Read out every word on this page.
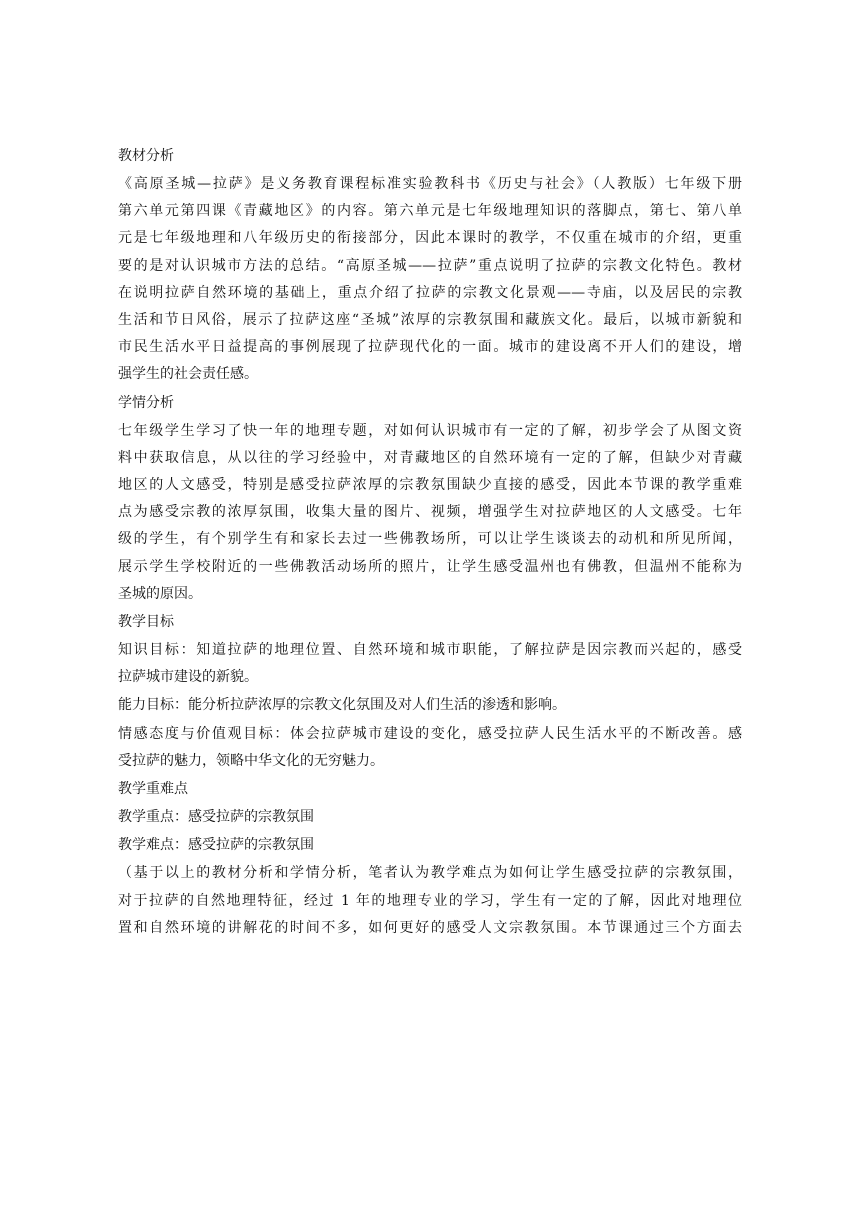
教材分析
《高原圣城—拉萨》是义务教育课程标准实验教科书《历史与社会》（人教版）七年级下册
第六单元第四课《青藏地区》的内容。第六单元是七年级地理知识的落脚点，第七、第八单
元是七年级地理和八年级历史的衔接部分，因此本课时的教学，不仅重在城市的介绍，更重
要的是对认识城市方法的总结。“高原圣城——拉萨”重点说明了拉萨的宗教文化特色。教材
在说明拉萨自然环境的基础上，重点介绍了拉萨的宗教文化景观——寺庙，以及居民的宗教
生活和节日风俗，展示了拉萨这座“圣城”浓厚的宗教氛围和藏族文化。最后，以城市新貌和
市民生活水平日益提高的事例展现了拉萨现代化的一面。城市的建设离不开人们的建设，增
强学生的社会责任感。
学情分析
七年级学生学习了快一年的地理专题，对如何认识城市有一定的了解，初步学会了从图文资
料中获取信息，从以往的学习经验中，对青藏地区的自然环境有一定的了解，但缺少对青藏
地区的人文感受，特别是感受拉萨浓厚的宗教氛围缺少直接的感受，因此本节课的教学重难
点为感受宗教的浓厚氛围，收集大量的图片、视频，增强学生对拉萨地区的人文感受。七年
级的学生，有个别学生有和家长去过一些佛教场所，可以让学生谈谈去的动机和所见所闻，
展示学生学校附近的一些佛教活动场所的照片，让学生感受温州也有佛教，但温州不能称为
圣城的原因。
教学目标
知识目标：知道拉萨的地理位置、自然环境和城市职能，了解拉萨是因宗教而兴起的，感受
拉萨城市建设的新貌。
能力目标：能分析拉萨浓厚的宗教文化氛围及对人们生活的渗透和影响。
情感态度与价值观目标：体会拉萨城市建设的变化，感受拉萨人民生活水平的不断改善。感
受拉萨的魅力，领略中华文化的无穷魅力。
教学重难点
教学重点：感受拉萨的宗教氛围
教学难点：感受拉萨的宗教氛围
（基于以上的教材分析和学情分析，笔者认为教学难点为如何让学生感受拉萨的宗教氛围，
对于拉萨的自然地理特征，经过 1 年的地理专业的学习，学生有一定的了解，因此对地理位
置和自然环境的讲解花的时间不多，如何更好的感受人文宗教氛围。本节课通过三个方面去
